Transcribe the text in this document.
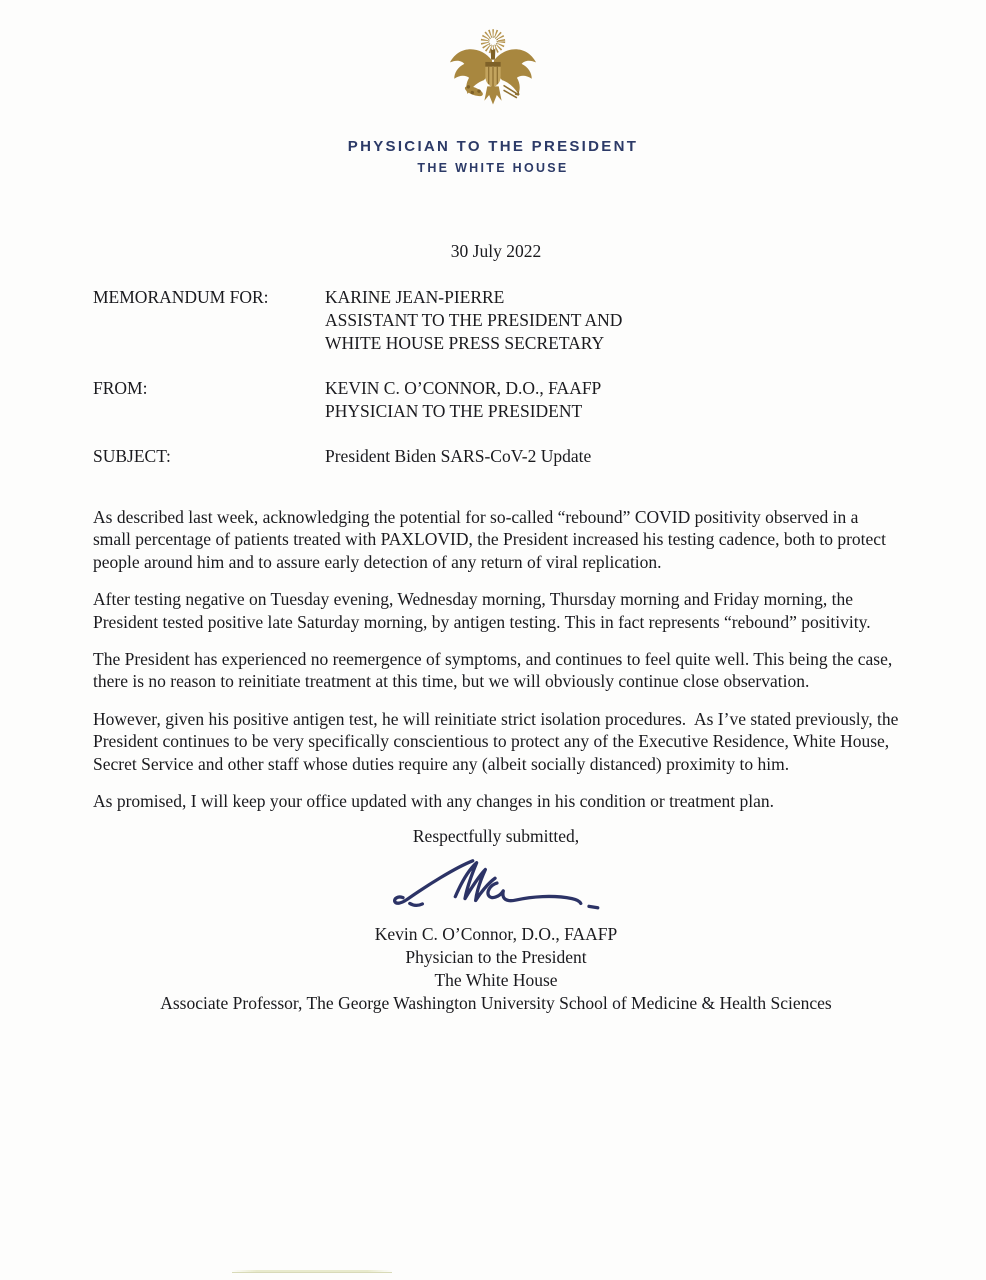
PHYSICIAN TO THE PRESIDENT
THE WHITE HOUSE
30 July 2022
MEMORANDUM FOR:	KARINE JEAN-PIERRE
ASSISTANT TO THE PRESIDENT AND
WHITE HOUSE PRESS SECRETARY
FROM:	KEVIN C. O’CONNOR, D.O., FAAFP
PHYSICIAN TO THE PRESIDENT
SUBJECT:	President Biden SARS-CoV-2 Update

As described last week, acknowledging the potential for so-called “rebound” COVID positivity observed in a small percentage of patients treated with PAXLOVID, the President increased his testing cadence, both to protect people around him and to assure early detection of any return of viral replication.

After testing negative on Tuesday evening, Wednesday morning, Thursday morning and Friday morning, the President tested positive late Saturday morning, by antigen testing. This in fact represents “rebound” positivity.

The President has experienced no reemergence of symptoms, and continues to feel quite well. This being the case, there is no reason to reinitiate treatment at this time, but we will obviously continue close observation.

However, given his positive antigen test, he will reinitiate strict isolation procedures.  As I’ve stated previously, the President continues to be very specifically conscientious to protect any of the Executive Residence, White House, Secret Service and other staff whose duties require any (albeit socially distanced) proximity to him.

As promised, I will keep your office updated with any changes in his condition or treatment plan.

Respectfully submitted,
Kevin C. O’Connor, D.O., FAAFP
Physician to the President
The White House
Associate Professor, The George Washington University School of Medicine & Health Sciences
